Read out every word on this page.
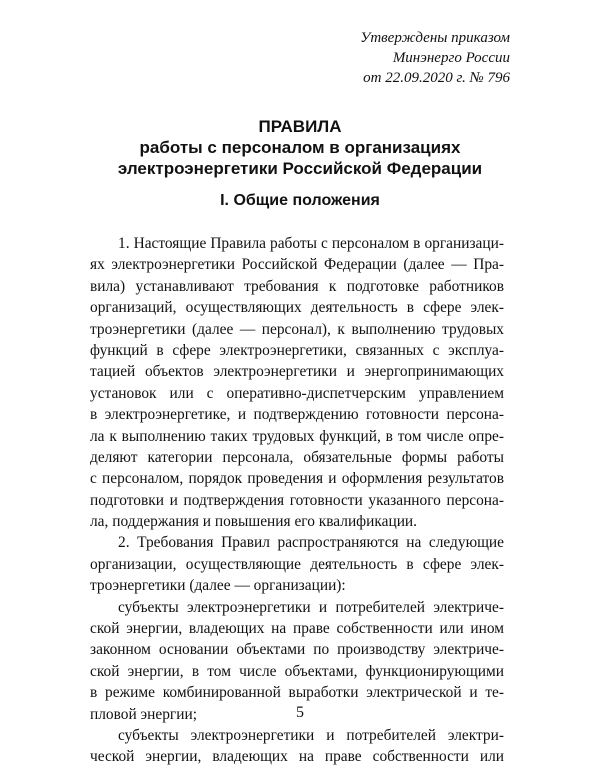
Утверждены приказом
Минэнерго России
от 22.09.2020 г. № 796
ПРАВИЛА
работы с персоналом в организациях
электроэнергетики Российской Федерации
I. Общие положения
1. Настоящие Правила работы с персоналом в организаци-
ях электроэнергетики Российской Федерации (далее — Пра-
вила) устанавливают требования к подготовке работников
организаций, осуществляющих деятельность в сфере элек-
троэнергетики (далее — персонал), к выполнению трудовых
функций в сфере электроэнергетики, связанных с эксплуа-
тацией объектов электроэнергетики и энергопринимающих
установок или с оперативно-диспетчерским управлением
в электроэнергетике, и подтверждению готовности персона-
ла к выполнению таких трудовых функций, в том числе опре-
деляют категории персонала, обязательные формы работы
с персоналом, порядок проведения и оформления результатов
подготовки и подтверждения готовности указанного персона-
ла, поддержания и повышения его квалификации.
2. Требования Правил распространяются на следующие
организации, осуществляющие деятельность в сфере элек-
троэнергетики (далее — организации):
субъекты электроэнергетики и потребителей электриче-
ской энергии, владеющих на праве собственности или ином
законном основании объектами по производству электриче-
ской энергии, в том числе объектами, функционирующими
в режиме комбинированной выработки электрической и те-
пловой энергии;
субъекты электроэнергетики и потребителей электри-
ческой энергии, владеющих на праве собственности или
5
